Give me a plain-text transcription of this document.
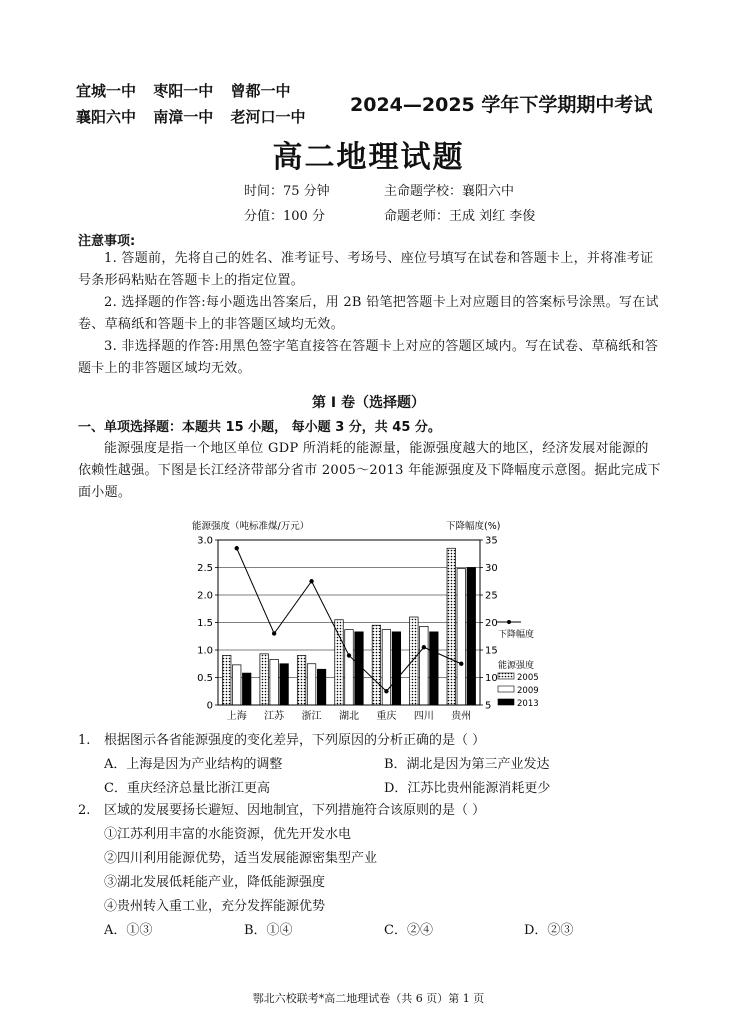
宜城一中 枣阳一中 曾都一中
襄阳六中 南漳一中 老河口一中
2024—2025 学年下学期期中考试
高二地理试题
时间：75 分钟	主命题学校：襄阳六中
分值：100 分	命题老师：王成 刘红 李俊
注意事项:

1. 答题前，先将自己的姓名、准考证号、考场号、座位号填写在试卷和答题卡上，并将准考证号条形码粘贴在答题卡上的指定位置。

2. 选择题的作答:每小题选出答案后，用 2B 铅笔把答题卡上对应题目的答案标号涂黑。写在试卷、草稿纸和答题卡上的非答题区域均无效。

3. 非选择题的作答:用黑色签字笔直接答在答题卡上对应的答题区域内。写在试卷、草稿纸和答题卡上的非答题区域均无效。

第 I 卷（选择题）
一、单项选择题：本题共 15 小题， 每小题 3 分，共 45 分。

能源强度是指一个地区单位 GDP 所消耗的能源量，能源强度越大的地区，经济发展对能源的依赖性越强。下图是长江经济带部分省市 2005～2013 年能源强度及下降幅度示意图。据此完成下面小题。

能源强度（吨标准煤/万元）	下降幅度(%)
0
0.5
1.0
1.5
2.0
2.5
3.0
5
10
15
20
25
30
35
上海 江苏 浙江 湖北 重庆 四川 贵州
下降幅度
能源强度
2005
2009
2013
1. 根据图示各省能源强度的变化差异，下列原因的分析正确的是（ ）
A．上海是因为产业结构的调整	B．湖北是因为第三产业发达
C．重庆经济总量比浙江更高	D．江苏比贵州能源消耗更少
2. 区域的发展要扬长避短、因地制宜，下列措施符合该原则的是（ ）
①江苏利用丰富的水能资源，优先开发水电
②四川利用能源优势，适当发展能源密集型产业
③湖北发展低耗能产业，降低能源强度
④贵州转入重工业，充分发挥能源优势
A．①③	B．①④	C．②④	D．②③
鄂北六校联考*高二地理试卷（共 6 页）第 1 页
